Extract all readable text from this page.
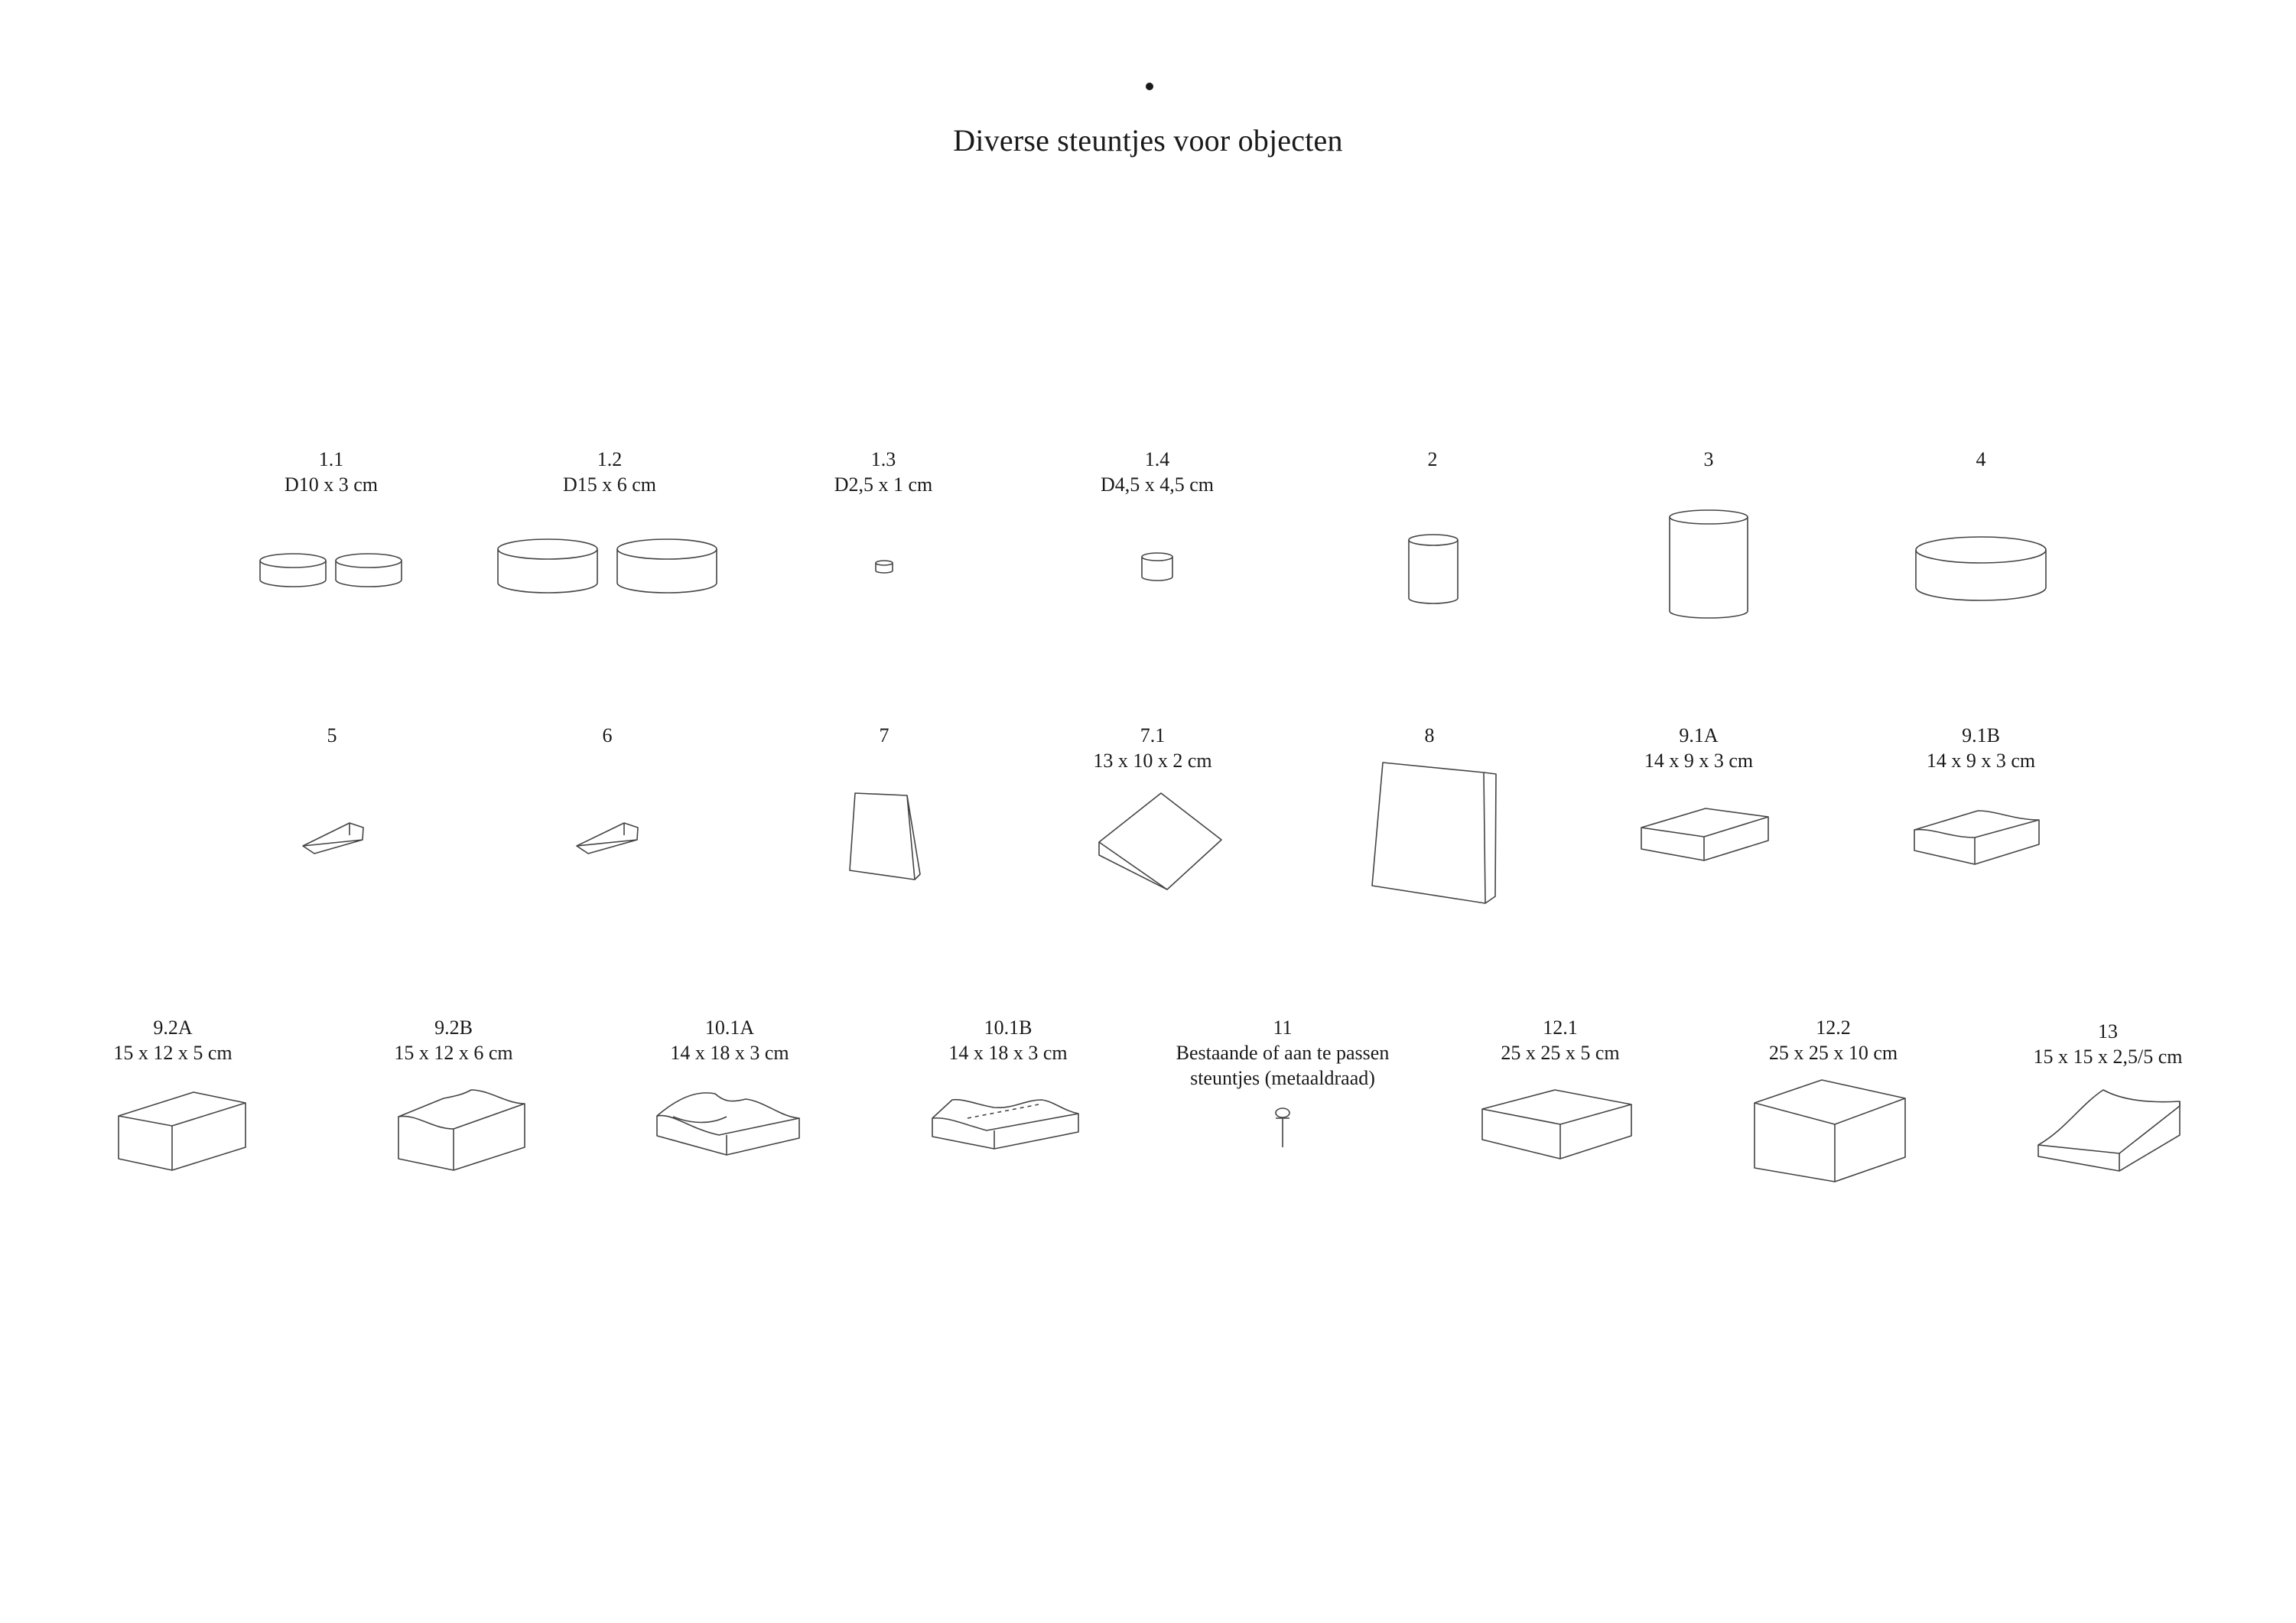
Diverse steuntjes voor objecten
1.1
D10 x 3 cm
1.2
D15 x 6 cm
1.3
D2,5 x 1 cm
1.4
D4,5 x 4,5 cm
2	3	4
5	6	7	7.1
13 x 10 x 2 cm
8	9.1A
14 x 9 x 3 cm
9.1B
14 x 9 x 3 cm
9.2A
15 x 12 x 5 cm
9.2B
15 x 12 x 6 cm
10.1A
14 x 18 x 3 cm
10.1B
14 x 18 x 3 cm
11
Bestaande of aan te passen
steuntjes (metaaldraad)
12.1
25 x 25 x 5 cm
12.2
25 x 25 x 10 cm
13
15 x 15 x 2,5/5 cm
